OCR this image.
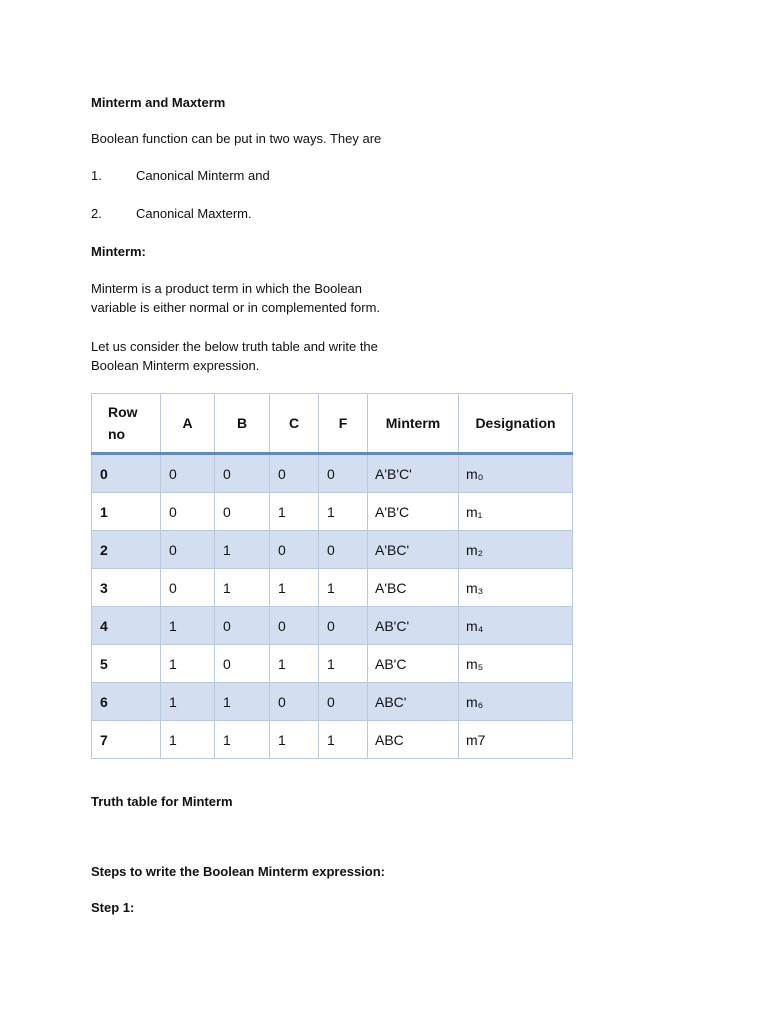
Minterm and Maxterm
Boolean function can be put in two ways. They are
1.	Canonical Minterm and
2.	Canonical Maxterm.
Minterm:
Minterm is a product term in which the Boolean
variable is either normal or in complemented form.
Let us consider the below truth table and write the
Boolean Minterm expression.
Row
no	A	B	C	F	Minterm	Designation
0	0	0	0	0	A'B'C'	m₀
1	0	0	1	1	A'B'C	m₁
2	0	1	0	0	A'BC'	m₂
3	0	1	1	1	A'BC	m₃
4	1	0	0	0	AB'C'	m₄
5	1	0	1	1	AB'C	m₅
6	1	1	0	0	ABC'	m₆
7	1	1	1	1	ABC	m7
Truth table for Minterm
Steps to write the Boolean Minterm expression:
Step 1:
